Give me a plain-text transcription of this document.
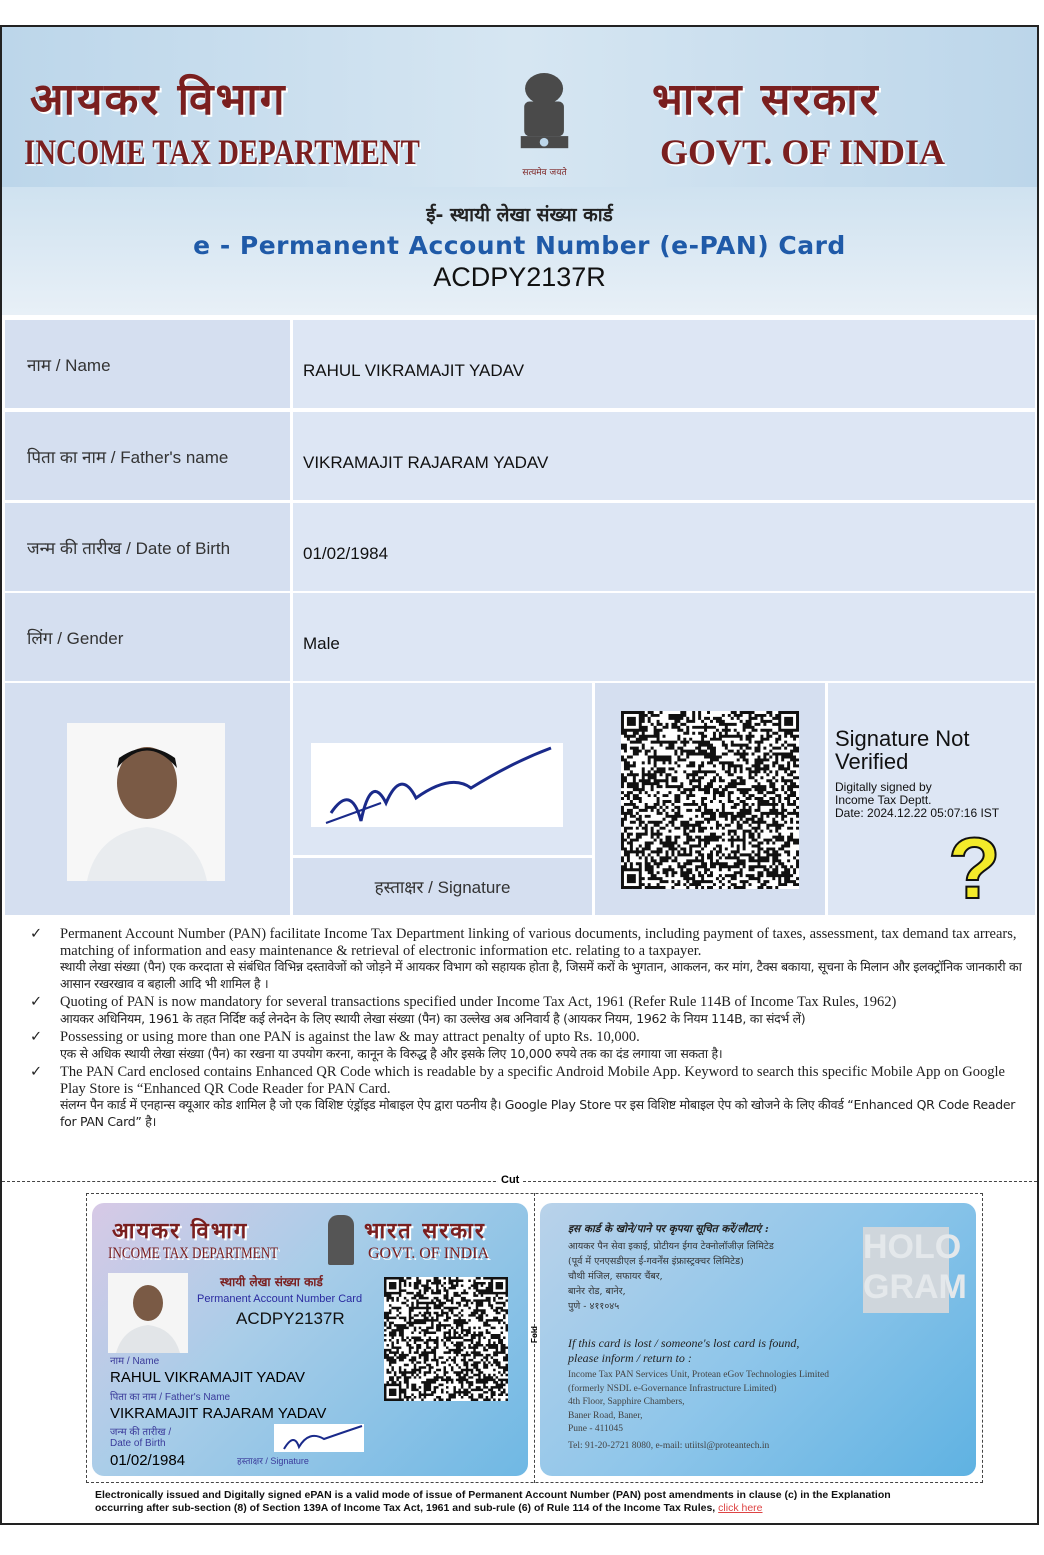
आयकर विभाग
INCOME TAX DEPARTMENT
सत्यमेव जयते
भारत सरकार
GOVT. OF INDIA
ई- स्थायी लेखा संख्या कार्ड
e - Permanent Account Number (e-PAN) Card
ACDPY2137R
नाम / Name	RAHUL VIKRAMAJIT YADAV
पिता का नाम / Father's name	VIKRAMAJIT RAJARAM YADAV
जन्म की तारीख / Date of Birth	01/02/1984
लिंग / Gender	Male
हस्ताक्षर / Signature
Signature Not Verified
Digitally signed by
Income Tax Deptt.
Date: 2024.12.22 05:07:16 IST
?
✓ Permanent Account Number (PAN) facilitate Income Tax Department linking of various documents, including payment of taxes, assessment, tax demand tax arrears, matching of information and easy maintenance & retrieval of electronic information etc. relating to a taxpayer.
स्थायी लेखा संख्या (पैन) एक करदाता से संबंधित विभिन्न दस्तावेजों को जोड़ने में आयकर विभाग को सहायक होता है, जिसमें करों के भुगतान, आकलन, कर मांग, टैक्स बकाया, सूचना के मिलान और इलक्ट्रॉनिक जानकारी का आसान रखरखाव व बहाली आदि भी शामिल है ।
✓ Quoting of PAN is now mandatory for several transactions specified under Income Tax Act, 1961 (Refer Rule 114B of Income Tax Rules, 1962)
आयकर अधिनियम, 1961 के तहत निर्दिष्ट कई लेनदेन के लिए स्थायी लेखा संख्या (पैन) का उल्लेख अब अनिवार्य है (आयकर नियम, 1962 के नियम 114B, का संदर्भ लें)
✓ Possessing or using more than one PAN is against the law & may attract penalty of upto Rs. 10,000.
एक से अधिक स्थायी लेखा संख्या (पैन) का रखना या उपयोग करना, कानून के विरुद्ध है और इसके लिए 10,000 रुपये तक का दंड लगाया जा सकता है।
✓ The PAN Card enclosed contains Enhanced QR Code which is readable by a specific Android Mobile App. Keyword to search this specific Mobile App on Google Play Store is “Enhanced QR Code Reader for PAN Card.
संलग्न पैन कार्ड में एनहान्स क्यूआर कोड शामिल है जो एक विशिष्ट एंड्रॉइड मोबाइल ऐप द्वारा पठनीय है। Google Play Store पर इस विशिष्ट मोबाइल ऐप को खोजने के लिए कीवर्ड “Enhanced QR Code Reader for PAN Card” है।
Cut
Fold
आयकर विभाग
INCOME TAX DEPARTMENT
भारत सरकार
GOVT. OF INDIA
स्थायी लेखा संख्या कार्ड
Permanent Account Number Card
ACDPY2137R
नाम / Name
RAHUL VIKRAMAJIT YADAV
पिता का नाम / Father's Name
VIKRAMAJIT RAJARAM YADAV
जन्म की तारीख /
Date of Birth
01/02/1984	हस्ताक्षर / Signature
इस कार्ड के खोने/पाने पर कृपया सूचित करें/लौटाएं :
आयकर पैन सेवा इकाई, प्रोटीयन ईगव टेक्नोलॉजीज़ लिमिटेड
(पूर्व में एनएसडीएल ई-गवर्नेंस इंफ्रास्ट्रक्चर लिमिटेड)
चौथी मंजिल, सफायर चैंबर,
बानेर रोड, बानेर,
पुणे - ४११०४५
If this card is lost / someone's lost card is found,
please inform / return to :
Income Tax PAN Services Unit, Protean eGov Technologies Limited
(formerly NSDL e-Governance Infrastructure Limited)
4th Floor, Sapphire Chambers,
Baner Road, Baner,
Pune - 411045
Tel: 91-20-2721 8080, e-mail: utiitsl@proteantech.in
HOLO
GRAM
Electronically issued and Digitally signed ePAN is a valid mode of issue of Permanent Account Number (PAN) post amendments in clause (c) in the Explanation occurring after sub-section (8) of Section 139A of Income Tax Act, 1961 and sub-rule (6) of Rule 114 of the Income Tax Rules, click here
